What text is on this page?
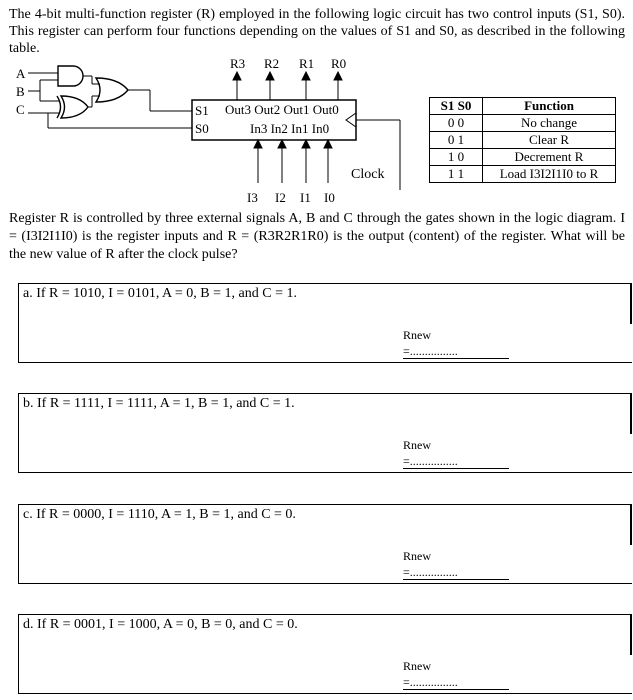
The 4-bit multi-function register (R) employed in the following logic circuit has two control inputs (S1, S0). This register can perform four functions depending on the values of S1 and S0, as described in the following table.

A
B
C	S1
S0
Out3 Out2 Out1 Out0
In3 In2 In1 In0
R3 R2 R1 R0
I3 I2 I1 I0
Clock
S1 S0	Function
0 0	No change
0 1	Clear R
1 0	Decrement R
1 1	Load I3I2I1I0 to R

Register R is controlled by three external signals A, B and C through the gates shown in the logic diagram. I = (I3I2I1I0) is the register inputs and R = (R3R2R1R0) is the output (content) of the register. What will be the new value of R after the clock pulse?

a. If R = 1010, I = 0101, A = 0, B = 1, and C = 1.
Rnew
=................
b. If R = 1111, I = 1111, A = 1, B = 1, and C = 1.
Rnew
=................
c. If R = 0000, I = 1110, A = 1, B = 1, and C = 0.
Rnew
=................
d. If R = 0001, I = 1000, A = 0, B = 0, and C = 0.
Rnew
=................
